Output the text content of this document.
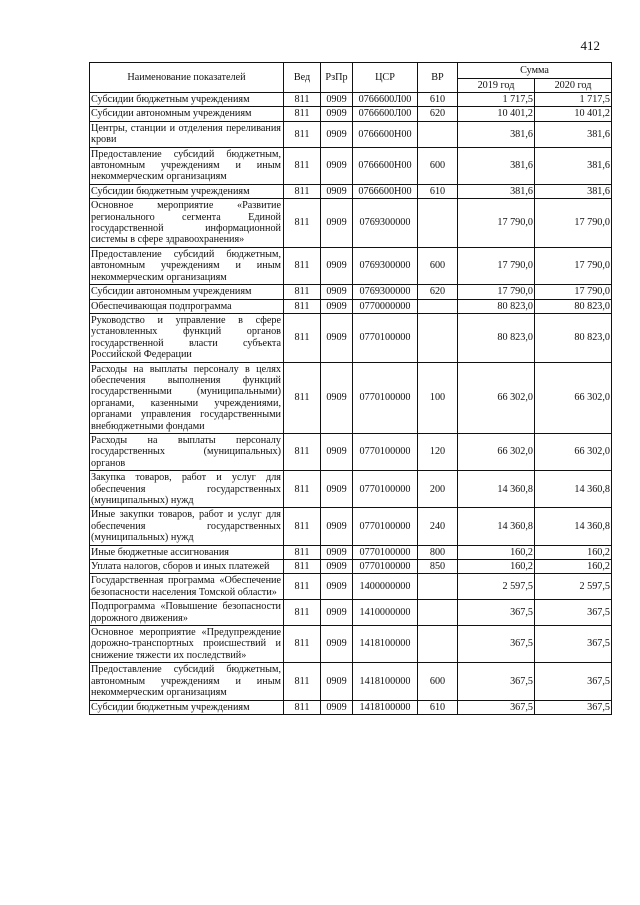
412
Наименование показателей	Вед	РзПр	ЦСР	ВР	Сумма	
					2019 год	2020 год
Субсидии бюджетным учреждениям	811	0909	0766600Л00	610	1 717,5	1 717,5
Субсидии автономным учреждениям	811	0909	0766600Л00	620	10 401,2	10 401,2
Центры, станции и отделения переливания крови	811	0909	0766600Н00		381,6	381,6
Предоставление субсидий бюджетным, автономным учреждениям и иным некоммерческим организациям	811	0909	0766600Н00	600	381,6	381,6
Субсидии бюджетным учреждениям	811	0909	0766600Н00	610	381,6	381,6
Основное мероприятие «Развитие регионального сегмента Единой государственной информационной системы в сфере здравоохранения»	811	0909	0769300000		17 790,0	17 790,0
Предоставление субсидий бюджетным, автономным учреждениям и иным некоммерческим организациям	811	0909	0769300000	600	17 790,0	17 790,0
Субсидии автономным учреждениям	811	0909	0769300000	620	17 790,0	17 790,0
Обеспечивающая подпрограмма	811	0909	0770000000		80 823,0	80 823,0
Руководство и управление в сфере установленных функций органов государственной власти субъекта Российской Федерации	811	0909	0770100000		80 823,0	80 823,0
Расходы на выплаты персоналу в целях обеспечения выполнения функций государственными (муниципальными) органами, казенными учреждениями, органами управления государственными внебюджетными фондами	811	0909	0770100000	100	66 302,0	66 302,0
Расходы на выплаты персоналу государственных (муниципальных) органов	811	0909	0770100000	120	66 302,0	66 302,0
Закупка товаров, работ и услуг для обеспечения государственных (муниципальных) нужд	811	0909	0770100000	200	14 360,8	14 360,8
Иные закупки товаров, работ и услуг для обеспечения государственных (муниципальных) нужд	811	0909	0770100000	240	14 360,8	14 360,8
Иные бюджетные ассигнования	811	0909	0770100000	800	160,2	160,2
Уплата налогов, сборов и иных платежей	811	0909	0770100000	850	160,2	160,2
Государственная программа «Обеспечение безопасности населения Томской области»	811	0909	1400000000		2 597,5	2 597,5
Подпрограмма «Повышение безопасности дорожного движения»	811	0909	1410000000		367,5	367,5
Основное мероприятие «Предупреждение дорожно-транспортных происшествий и снижение тяжести их последствий»	811	0909	1418100000		367,5	367,5
Предоставление субсидий бюджетным, автономным учреждениям и иным некоммерческим организациям	811	0909	1418100000	600	367,5	367,5
Субсидии бюджетным учреждениям	811	0909	1418100000	610	367,5	367,5
